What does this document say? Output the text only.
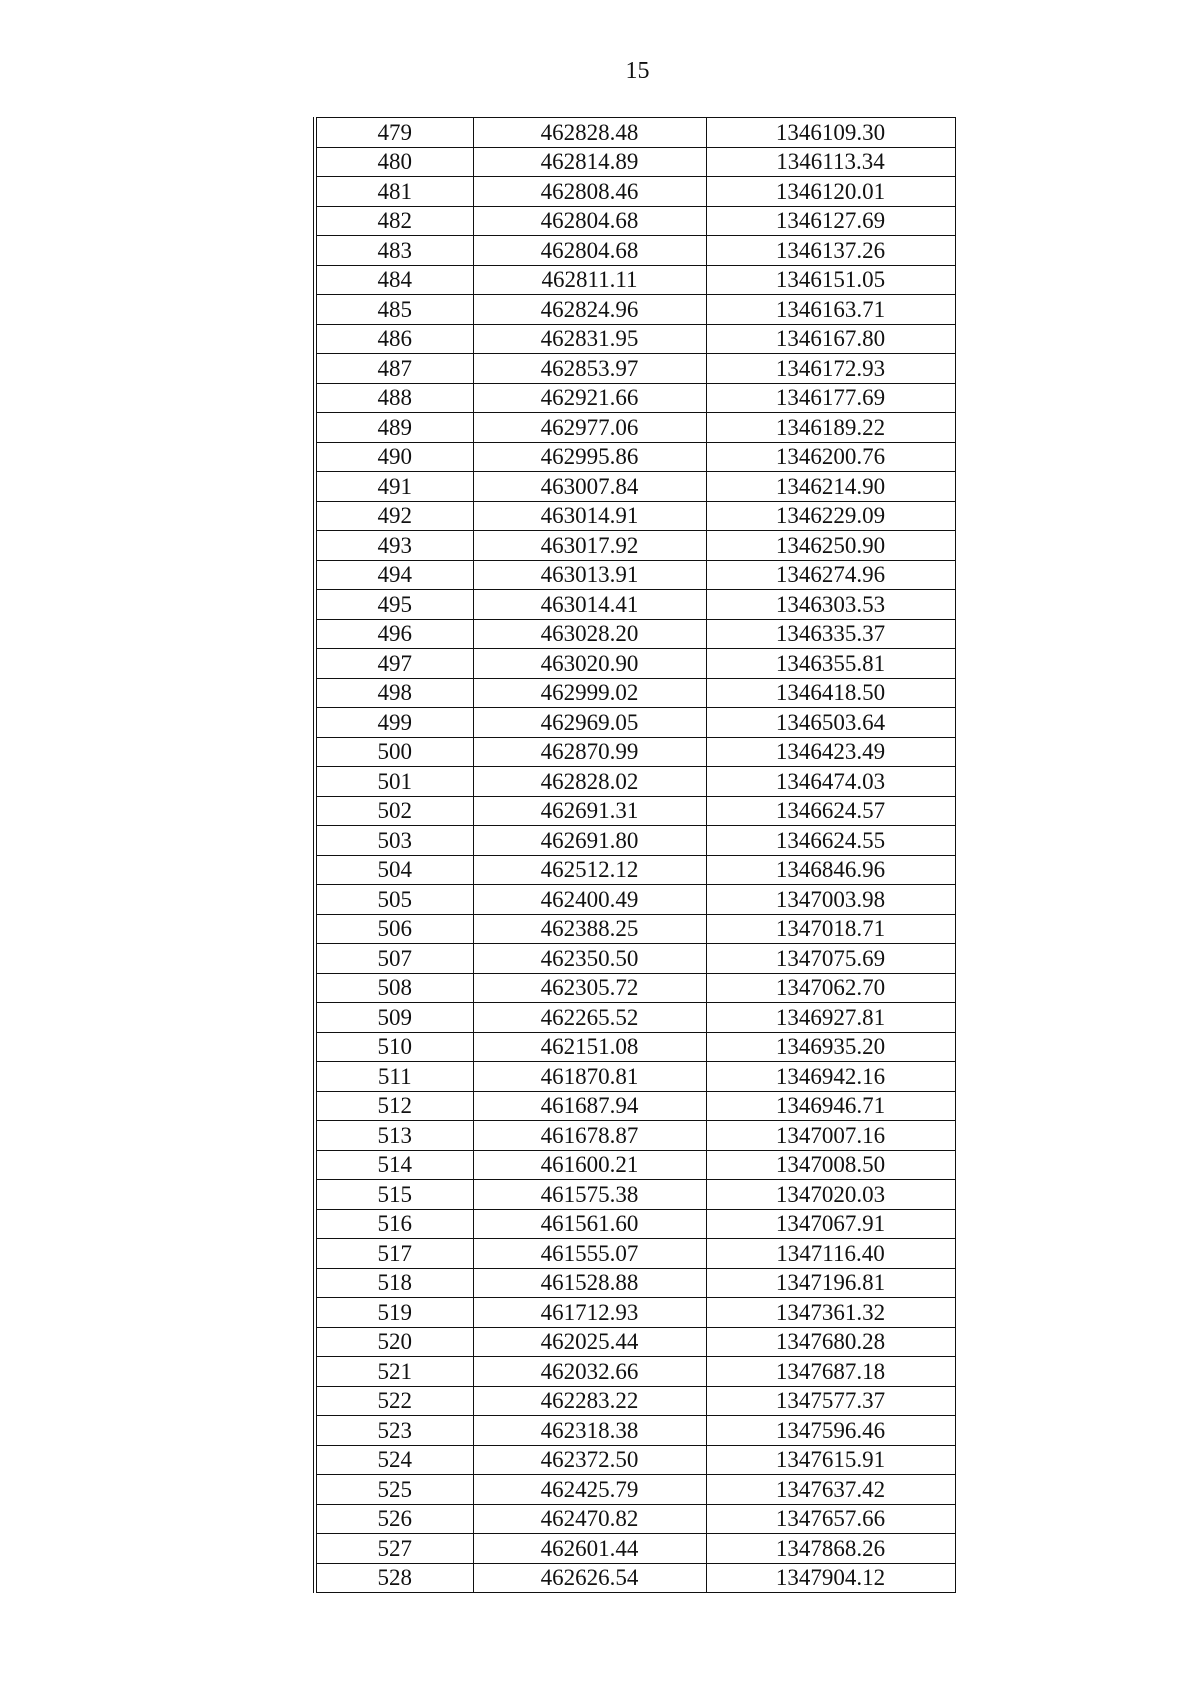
15
479	462828.48	1346109.30
480	462814.89	1346113.34
481	462808.46	1346120.01
482	462804.68	1346127.69
483	462804.68	1346137.26
484	462811.11	1346151.05
485	462824.96	1346163.71
486	462831.95	1346167.80
487	462853.97	1346172.93
488	462921.66	1346177.69
489	462977.06	1346189.22
490	462995.86	1346200.76
491	463007.84	1346214.90
492	463014.91	1346229.09
493	463017.92	1346250.90
494	463013.91	1346274.96
495	463014.41	1346303.53
496	463028.20	1346335.37
497	463020.90	1346355.81
498	462999.02	1346418.50
499	462969.05	1346503.64
500	462870.99	1346423.49
501	462828.02	1346474.03
502	462691.31	1346624.57
503	462691.80	1346624.55
504	462512.12	1346846.96
505	462400.49	1347003.98
506	462388.25	1347018.71
507	462350.50	1347075.69
508	462305.72	1347062.70
509	462265.52	1346927.81
510	462151.08	1346935.20
511	461870.81	1346942.16
512	461687.94	1346946.71
513	461678.87	1347007.16
514	461600.21	1347008.50
515	461575.38	1347020.03
516	461561.60	1347067.91
517	461555.07	1347116.40
518	461528.88	1347196.81
519	461712.93	1347361.32
520	462025.44	1347680.28
521	462032.66	1347687.18
522	462283.22	1347577.37
523	462318.38	1347596.46
524	462372.50	1347615.91
525	462425.79	1347637.42
526	462470.82	1347657.66
527	462601.44	1347868.26
528	462626.54	1347904.12
